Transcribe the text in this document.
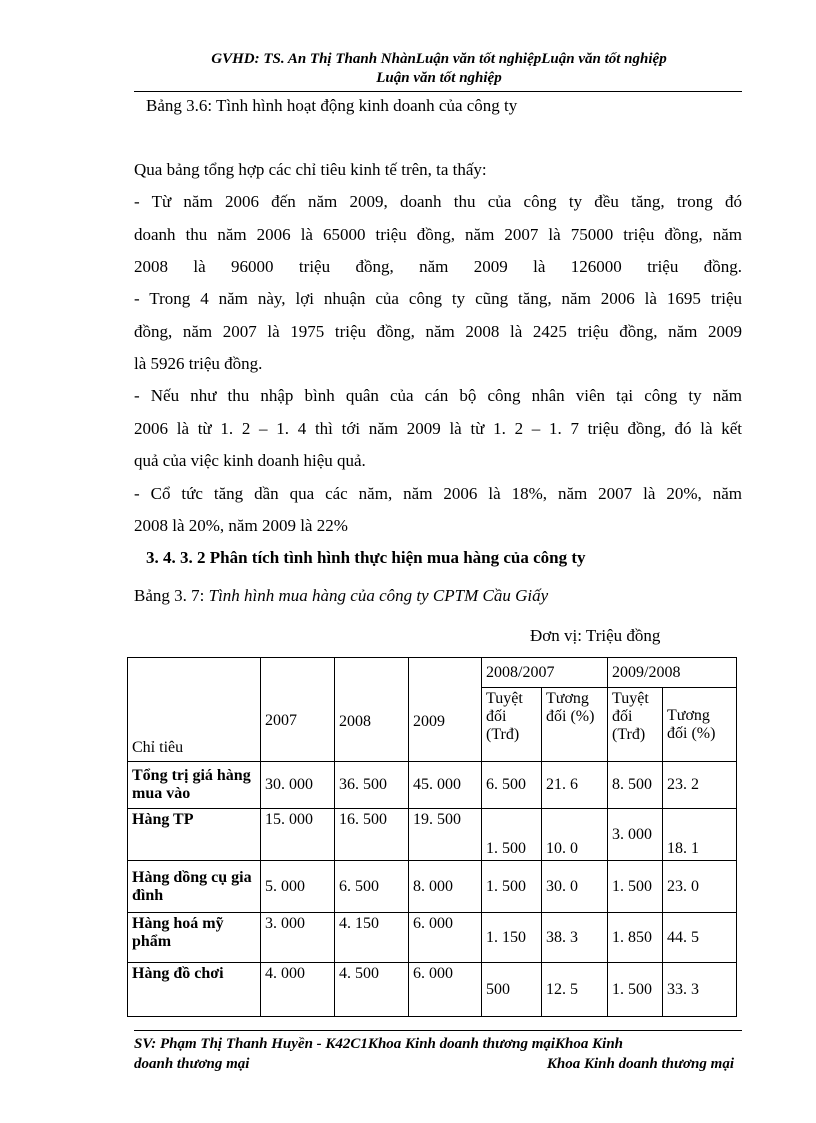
GVHD: TS. An Thị Thanh NhànLuận văn tốt nghiệpLuận văn tốt nghiệp
Luận văn tốt nghiệp
Bảng 3.6: Tình hình hoạt động kinh doanh của công ty
Qua bảng tổng hợp các chỉ tiêu kinh tế trên, ta thấy:
- Từ năm 2006 đến năm 2009, doanh thu của công ty đều tăng, trong đó
doanh thu năm 2006 là 65000 triệu đồng, năm 2007 là 75000 triệu đồng, năm
2008 là 96000 triệu đồng, năm 2009 là 126000 triệu đồng.
- Trong 4 năm này, lợi nhuận của công ty cũng tăng, năm 2006 là 1695 triệu
đồng, năm 2007 là 1975 triệu đồng, năm 2008 là 2425 triệu đồng, năm 2009
là 5926 triệu đồng.
- Nếu như thu nhập bình quân của cán bộ công nhân viên tại công ty năm
2006 là từ 1. 2 – 1. 4 thì tới năm 2009 là từ 1. 2 – 1. 7 triệu đồng, đó là kết
quả của việc kinh doanh hiệu quả.
- Cổ tức tăng dần qua các năm, năm 2006 là 18%, năm 2007 là 20%, năm
2008 là 20%, năm 2009 là 22%
3. 4. 3. 2 Phân tích tình hình thực hiện mua hàng của công ty
Bảng 3. 7: Tình hình mua hàng của công ty CPTM Cầu Giấy
Đơn vị: Triệu đồng
Chỉ tiêu	2007	2008	2009	2008/2007		2009/2008	
				Tuyệt đối (Trđ)	Tương đối (%)	Tuyệt đối (Trđ)	Tương đối (%)
Tổng trị giá hàng mua vào	30. 000	36. 500	45. 000	6. 500	21. 6	8. 500	23. 2
Hàng TP	15. 000	16. 500	19. 500	1. 500	10. 0	3. 000	18. 1
Hàng dồng cụ gia đình	5. 000	6. 500	8. 000	1. 500	30. 0	1. 500	23. 0
Hàng hoá mỹ phẩm	3. 000	4. 150	6. 000	1. 150	38. 3	1. 850	44. 5
Hàng đồ chơi	4. 000	4. 500	6. 000	500	12. 5	1. 500	33. 3
SV: Phạm Thị Thanh Huyền - K42C1Khoa Kinh doanh thương mạiKhoa Kinh
doanh thương mại	Khoa Kinh doanh thương mại
